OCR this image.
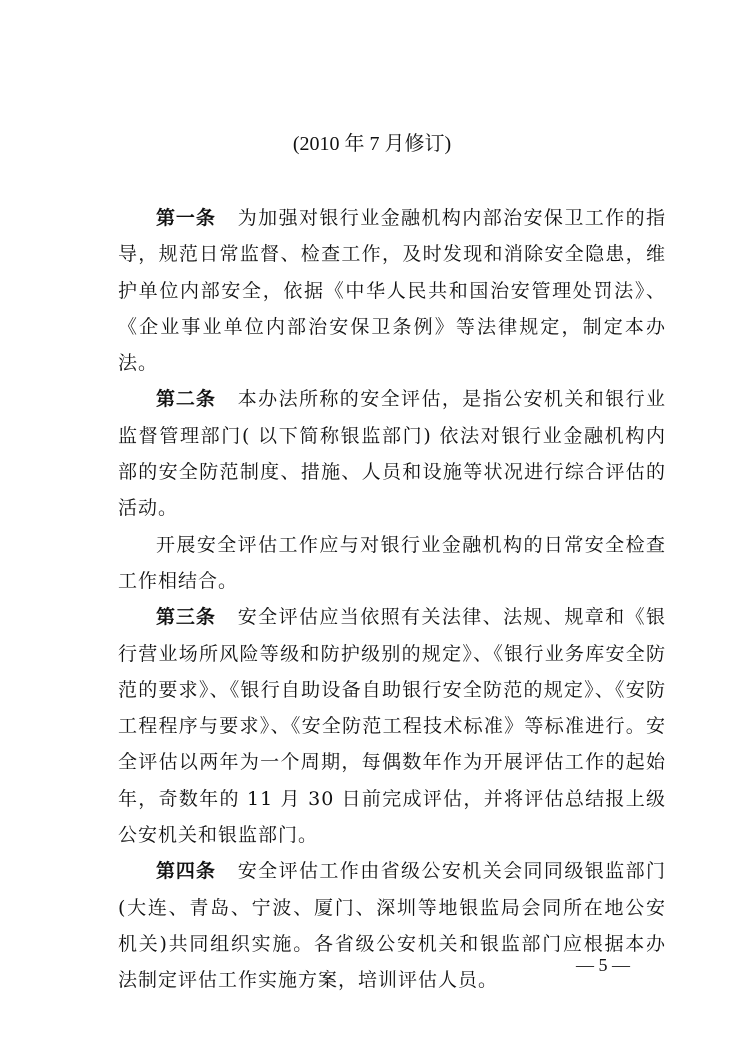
(2010 年 7 月修订)

第一条 为加强对银行业金融机构内部治安保卫工作的指导，规范日常监督、检查工作，及时发现和消除安全隐患，维护单位内部安全，依据《中华人民共和国治安管理处罚法》、《企业事业单位内部治安保卫条例》等法律规定，制定本办法。

第二条 本办法所称的安全评估，是指公安机关和银行业监督管理部门( 以下简称银监部门) 依法对银行业金融机构内部的安全防范制度、措施、人员和设施等状况进行综合评估的活动。

开展安全评估工作应与对银行业金融机构的日常安全检查工作相结合。

第三条 安全评估应当依照有关法律、法规、规章和《银行营业场所风险等级和防护级别的规定》、《银行业务库安全防范的要求》、《银行自助设备自助银行安全防范的规定》、《安防工程程序与要求》、《安全防范工程技术标准》等标准进行。安全评估以两年为一个周期，每偶数年作为开展评估工作的起始年，奇数年的 11 月 30 日前完成评估，并将评估总结报上级公安机关和银监部门。

第四条 安全评估工作由省级公安机关会同同级银监部门(大连、青岛、宁波、厦门、深圳等地银监局会同所在地公安机关)共同组织实施。各省级公安机关和银监部门应根据本办法制定评估工作实施方案，培训评估人员。

— 5 —
